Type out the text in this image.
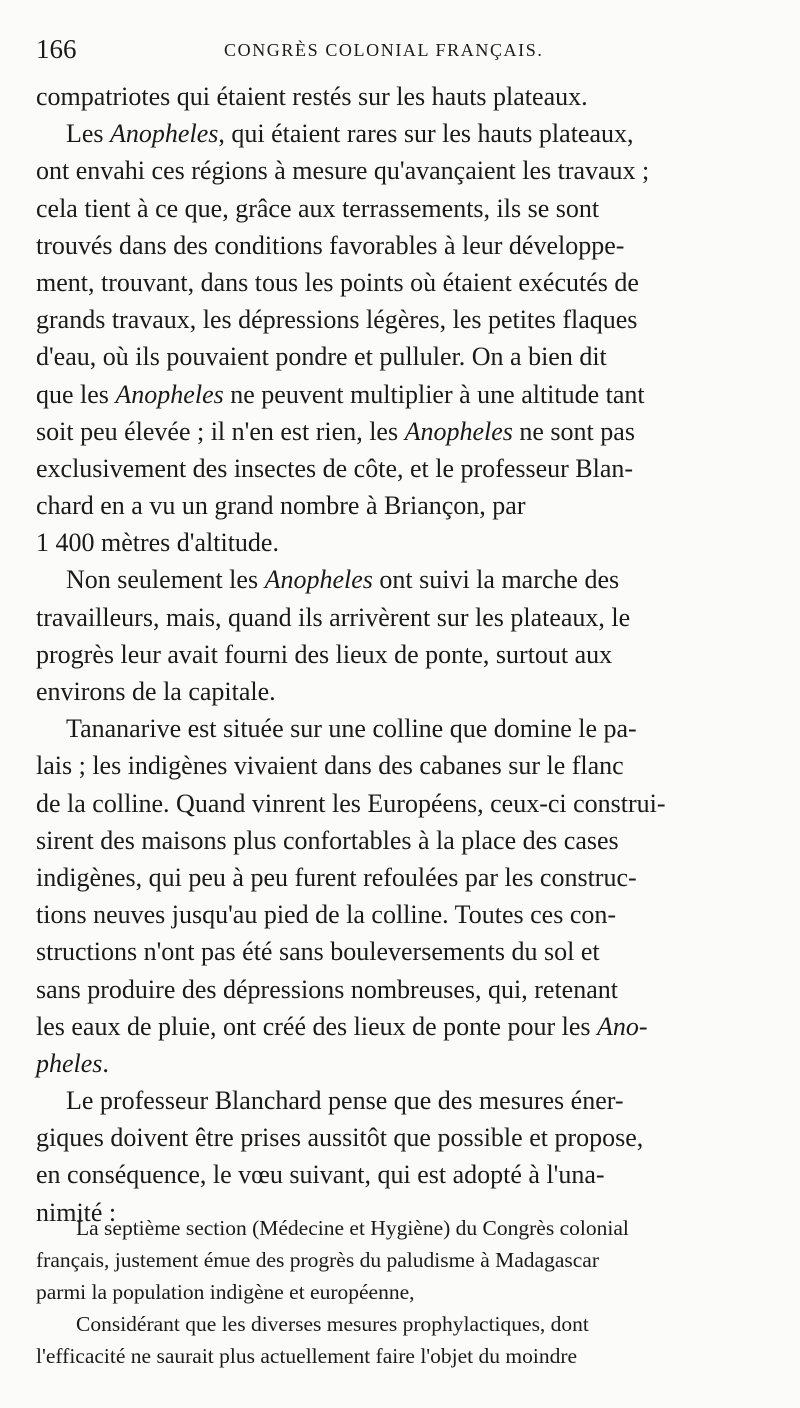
166	CONGRÈS COLONIAL FRANÇAIS.
compatriotes qui étaient restés sur les hauts plateaux.
Les Anopheles, qui étaient rares sur les hauts plateaux,
ont envahi ces régions à mesure qu'avançaient les travaux ;
cela tient à ce que, grâce aux terrassements, ils se sont
trouvés dans des conditions favorables à leur développe-
ment, trouvant, dans tous les points où étaient exécutés de
grands travaux, les dépressions légères, les petites flaques
d'eau, où ils pouvaient pondre et pulluler. On a bien dit
que les Anopheles ne peuvent multiplier à une altitude tant
soit peu élevée ; il n'en est rien, les Anopheles ne sont pas
exclusivement des insectes de côte, et le professeur Blan-
chard en a vu un grand nombre à Briançon, par
1 400 mètres d'altitude.
Non seulement les Anopheles ont suivi la marche des
travailleurs, mais, quand ils arrivèrent sur les plateaux, le
progrès leur avait fourni des lieux de ponte, surtout aux
environs de la capitale.
Tananarive est située sur une colline que domine le pa-
lais ; les indigènes vivaient dans des cabanes sur le flanc
de la colline. Quand vinrent les Européens, ceux-ci construi-
sirent des maisons plus confortables à la place des cases
indigènes, qui peu à peu furent refoulées par les construc-
tions neuves jusqu'au pied de la colline. Toutes ces con-
structions n'ont pas été sans bouleversements du sol et
sans produire des dépressions nombreuses, qui, retenant
les eaux de pluie, ont créé des lieux de ponte pour les Ano-
pheles.
Le professeur Blanchard pense que des mesures éner-
giques doivent être prises aussitôt que possible et propose,
en conséquence, le vœu suivant, qui est adopté à l'una-
nimité :
La septième section (Médecine et Hygiène) du Congrès colonial
français, justement émue des progrès du paludisme à Madagascar
parmi la population indigène et européenne,
Considérant que les diverses mesures prophylactiques, dont
l'efficacité ne saurait plus actuellement faire l'objet du moindre
